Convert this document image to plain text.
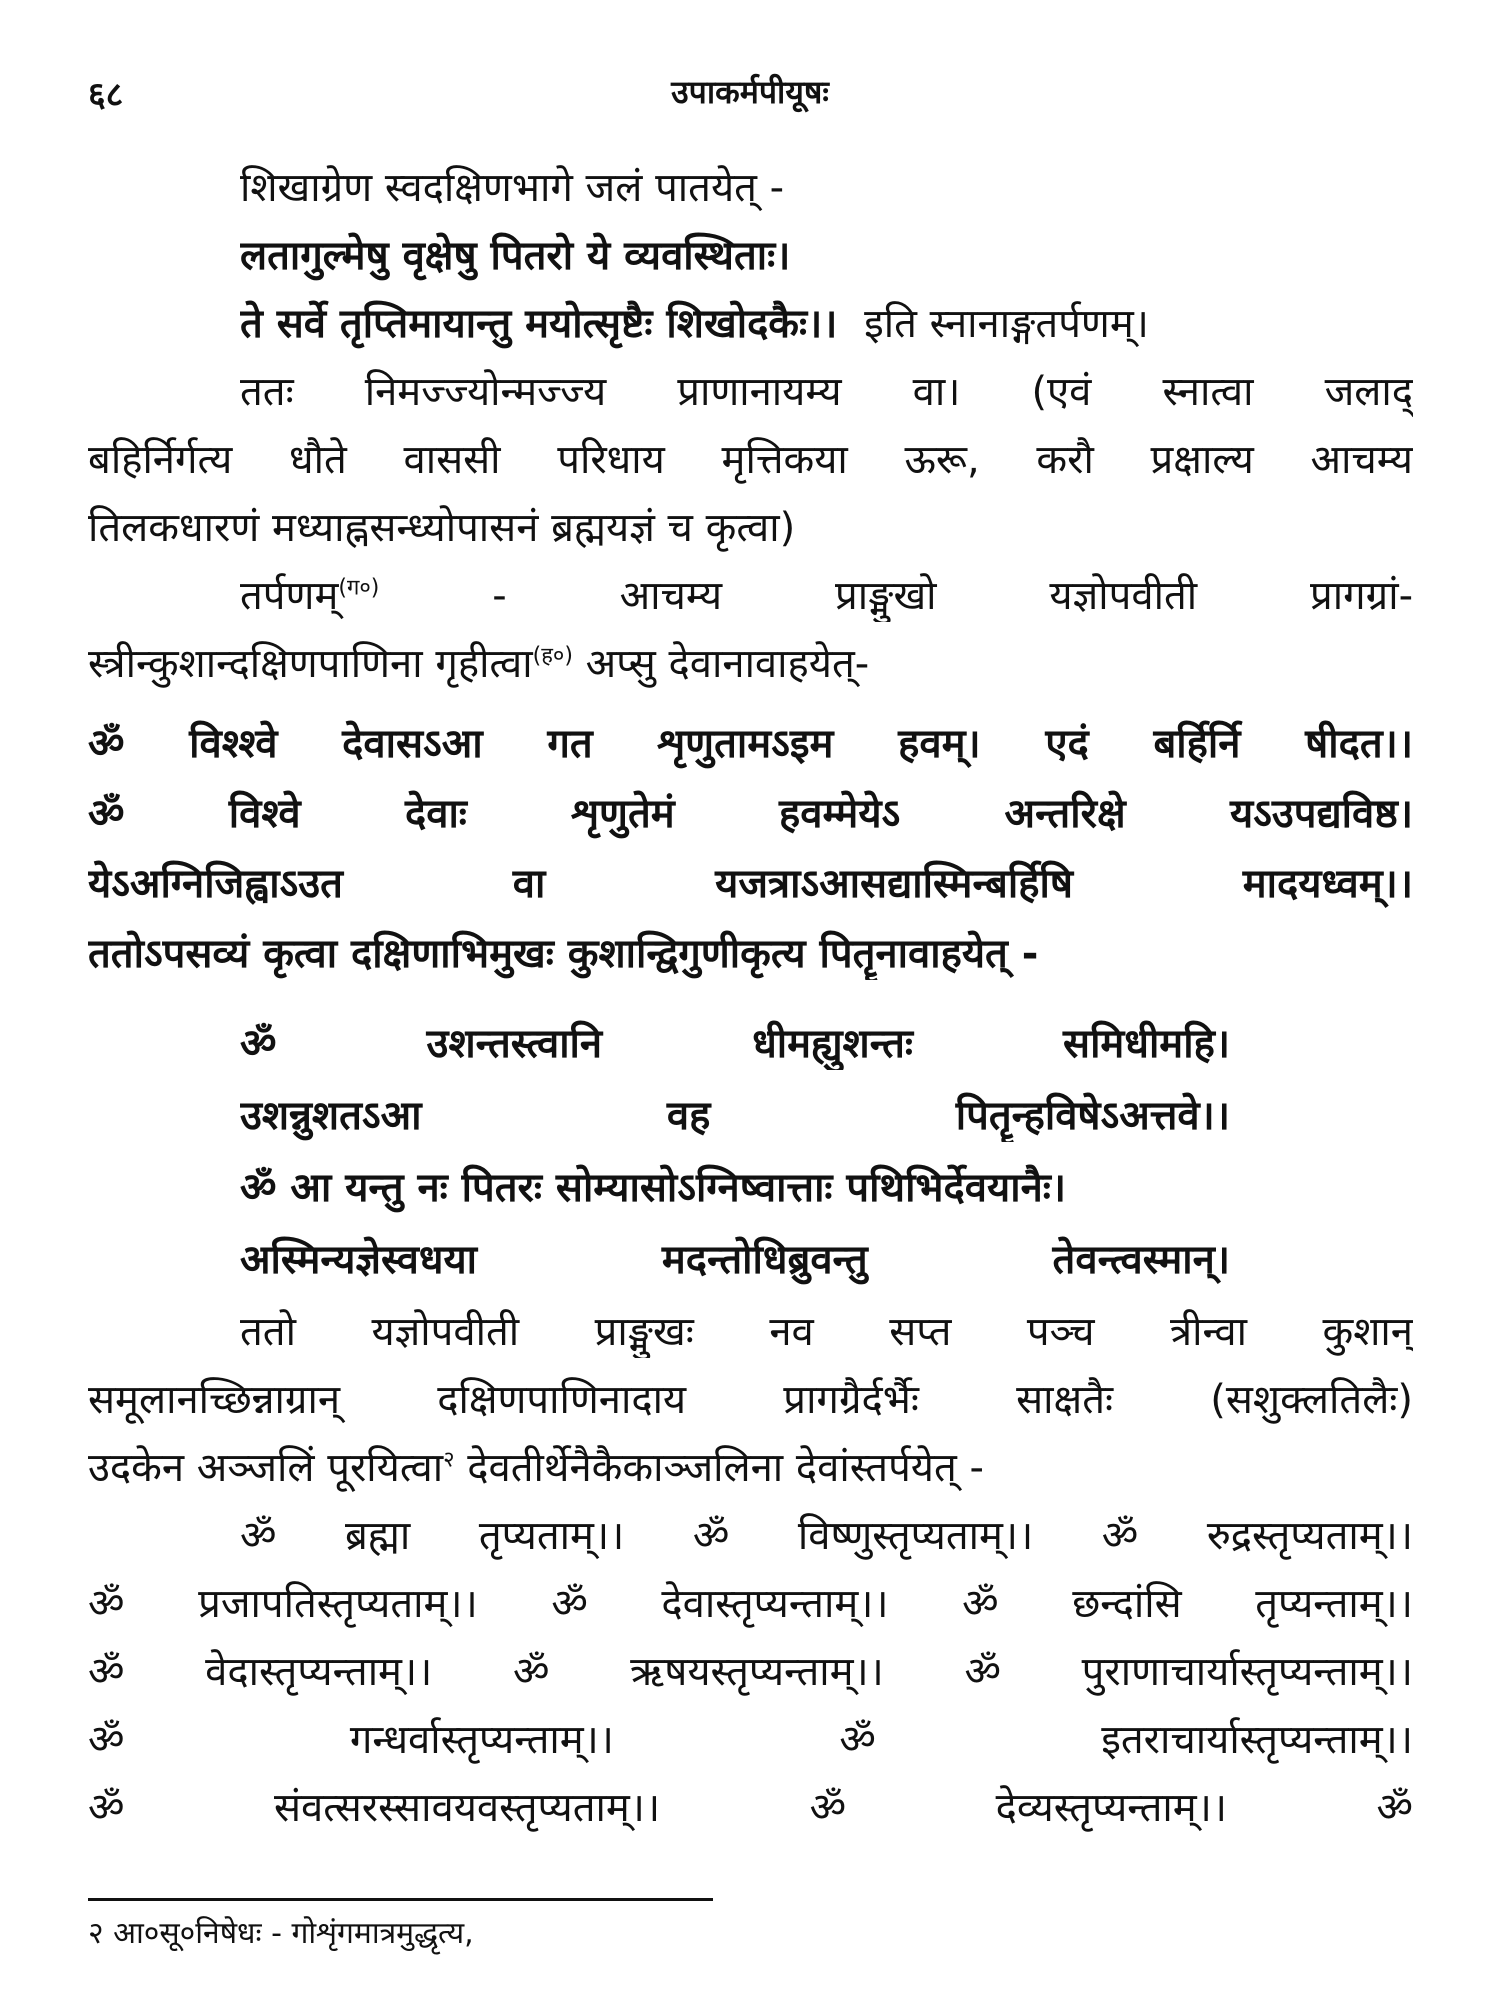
६८	उपाकर्मपीयूषः
शिखाग्रेण स्वदक्षिणभागे जलं पातयेत् -
लतागुल्मेषु वृक्षेषु पितरो ये व्यवस्थिताः।
ते सर्वे तृप्तिमायान्तु मयोत्सृष्टैः शिखोदकैः।। इति स्नानाङ्गतर्पणम्।
ततः निमज्ज्योन्मज्ज्य प्राणानायम्य वा। (एवं स्नात्वा जलाद्
बहिर्निर्गत्य धौते वाससी परिधाय मृत्तिकया ऊरू, करौ प्रक्षाल्य आचम्य
तिलकधारणं मध्याह्नसन्ध्योपासनं ब्रह्मयज्ञं च कृत्वा)
तर्पणम्$^{(ग०)}$	- आचम्य प्राङ्मुखो यज्ञोपवीती प्रागग्रां-
स्त्रीन्कुशान्दक्षिणपाणिना गृहीत्वा$^{(ह०)}$ अप्सु देवानावाहयेत्-
ॐ विश्श्वे देवासऽआ गत शृणुतामऽइम हवम्। एदं बर्हिर्नि षीदत।।
ॐ विश्वे देवाः शृणुतेमं हवम्मेयेऽ अन्तरिक्षे यऽउपद्यविष्ठ।
येऽअग्निजिह्वाऽउत वा यजत्राऽआसद्यास्मिन्बर्हिषि मादयध्वम्।।
ततोऽपसव्यं कृत्वा दक्षिणाभिमुखः कुशान्द्विगुणीकृत्य पितॄनावाहयेत् -
ॐ उशन्तस्त्वानि धीमह्युशन्तः समिधीमहि।
उशन्नुशतऽआ वह पितॄन्हविषेऽअत्तवे।।
ॐ आ यन्तु नः पितरः सोम्यासोऽग्निष्वात्ताः पथिभिर्देवयानैः।
अस्मिन्यज्ञेस्वधया मदन्तोधिब्रुवन्तु तेवन्त्वस्मान्।
ततो यज्ञोपवीती प्राङ्मुखः नव सप्त पञ्च त्रीन्वा कुशान्
समूलानच्छिन्नाग्रान् दक्षिणपाणिनादाय प्रागग्रैर्दर्भैः साक्षतैः (सशुक्लतिलैः)
उदकेन अञ्जलिं पूरयित्वा$^२$ देवतीर्थेनैकैकाञ्जलिना देवांस्तर्पयेत् -
ॐ ब्रह्मा तृप्यताम्।। ॐ विष्णुस्तृप्यताम्।। ॐ रुद्रस्तृप्यताम्।।
ॐ प्रजापतिस्तृप्यताम्।। ॐ देवास्तृप्यन्ताम्।। ॐ छन्दांसि तृप्यन्ताम्।।
ॐ वेदास्तृप्यन्ताम्।। ॐ ऋषयस्तृप्यन्ताम्।। ॐ पुराणाचार्यास्तृप्यन्ताम्।।
ॐ गन्धर्वास्तृप्यन्ताम्।। ॐ इतराचार्यास्तृप्यन्ताम्।।
ॐ संवत्सरस्सावयवस्तृप्यताम्।। ॐ देव्यस्तृप्यन्ताम्।। ॐ
२ आ०सू०निषेधः - गोशृंगमात्रमुद्धृत्य,
